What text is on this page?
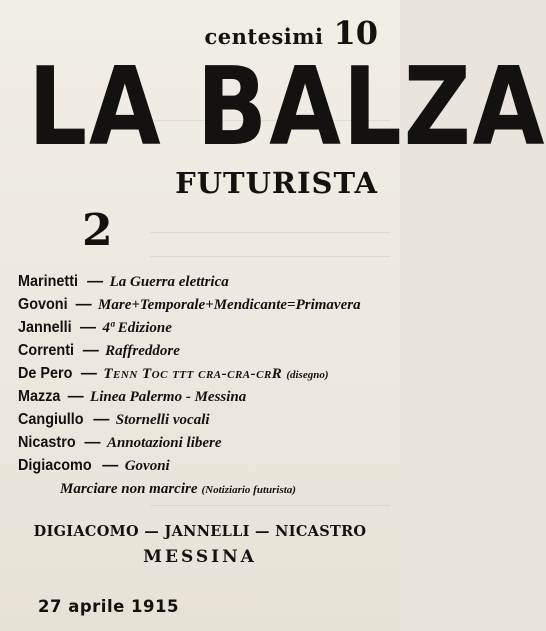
centesimi 10
LA BALZA
FUTURISTA
2
Marinetti — La Guerra elettrica
Govoni — Mare+Temporale+Mendicante=Primavera
Jannelli — 4ª Edizione
Correnti — Raffreddore
De Pero — Tenn Toc ttt cra-cra-crR (disegno)
Mazza — Linea Palermo - Messina
Cangiullo — Stornelli vocali
Nicastro — Annotazioni libere
Digiacomo — Govoni
Marciare non marcire (Notiziario futurista)
DIGIACOMO — JANNELLI — NICASTRO
MESSINA
27 aprile 1915
